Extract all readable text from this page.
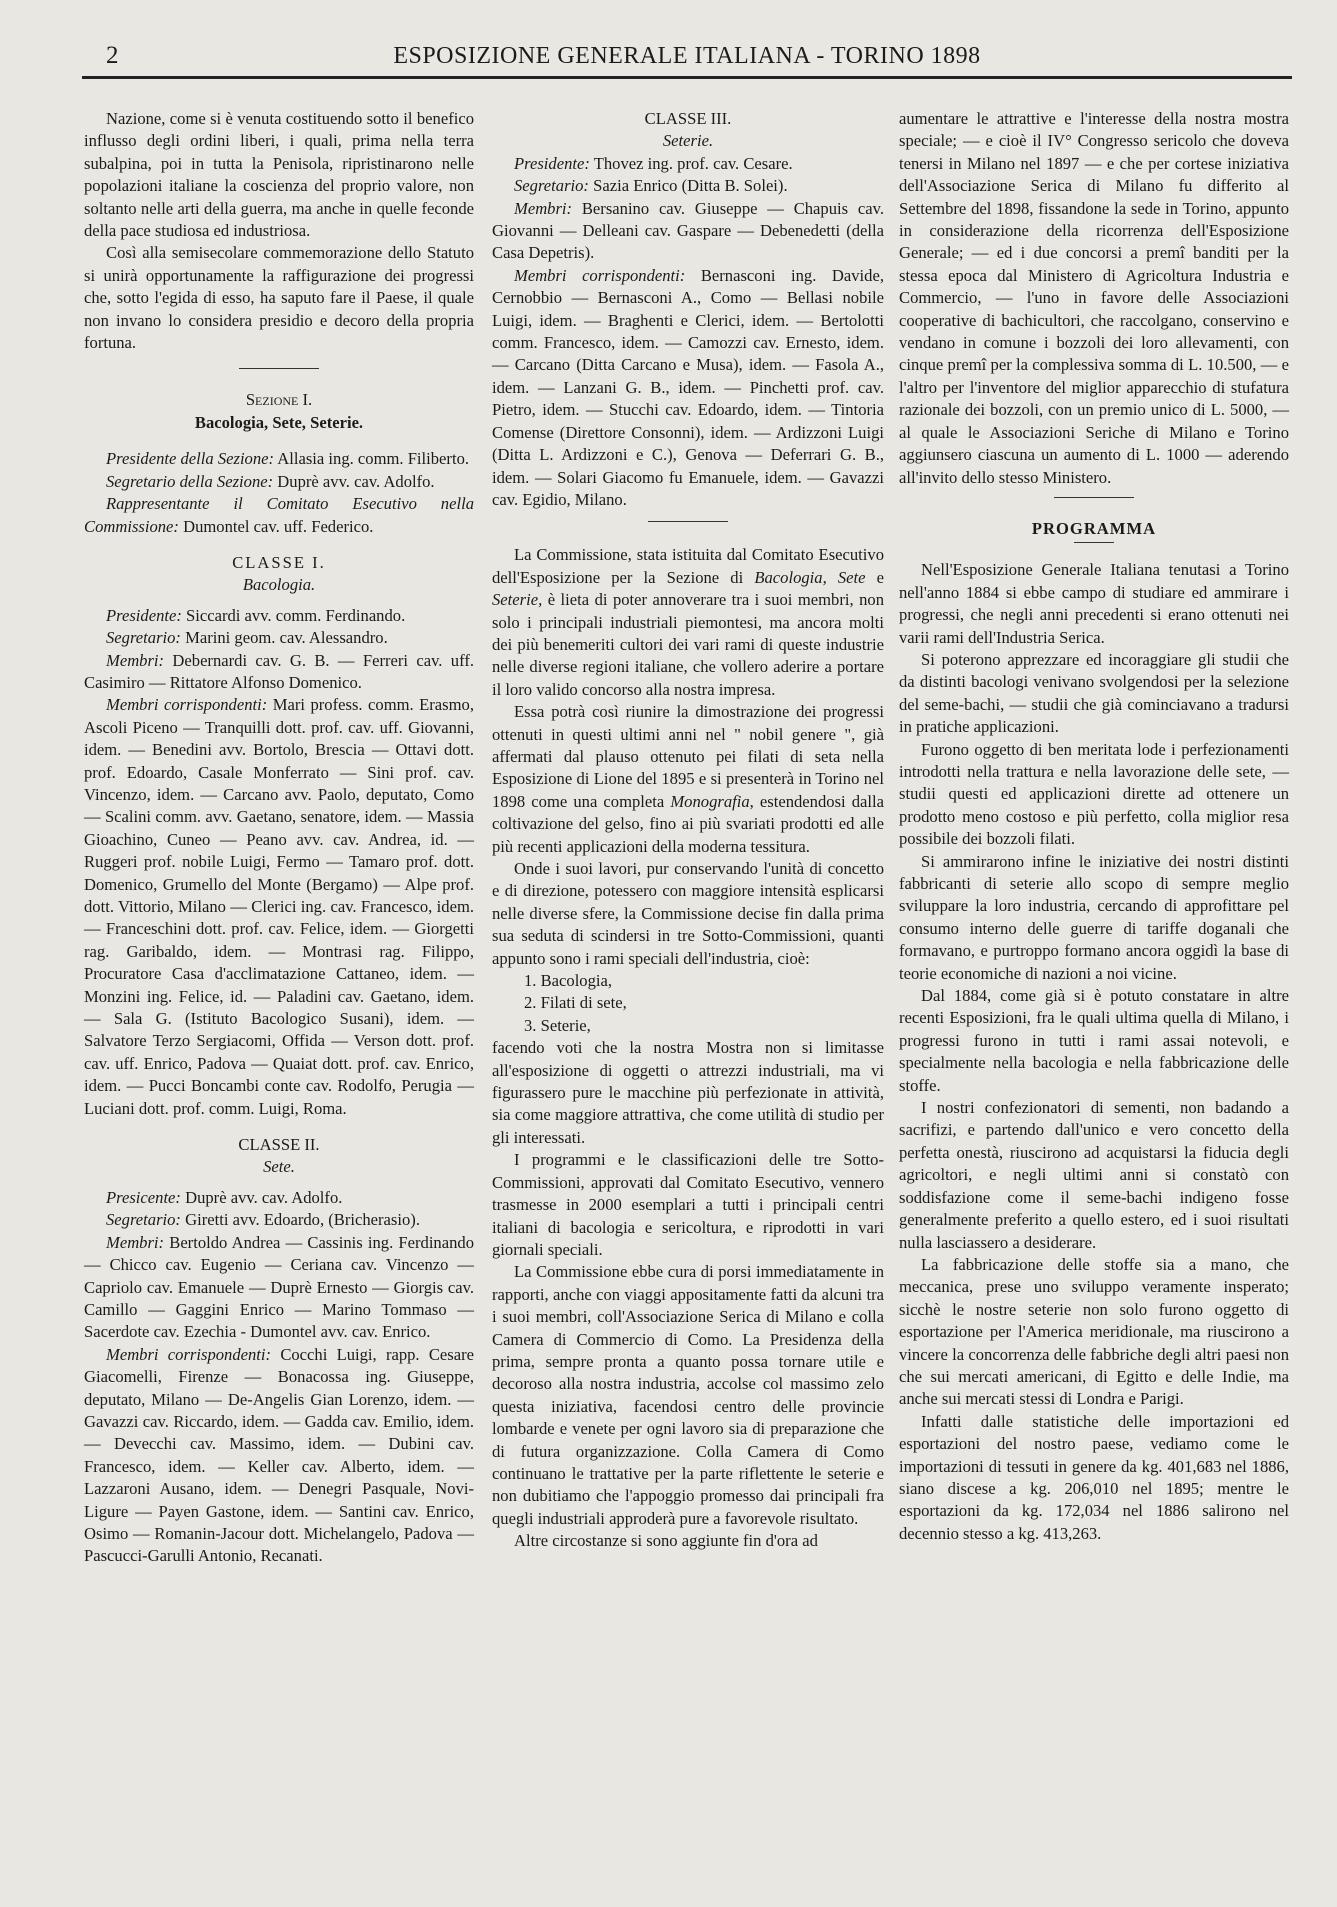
2	ESPOSIZIONE GENERALE ITALIANA - TORINO 1898

Nazione, come si è venuta costituendo sotto il benefico influsso degli ordini liberi, i quali, prima nella terra subalpina, poi in tutta la Penisola, ripristinarono nelle popolazioni italiane la coscienza del proprio valore, non soltanto nelle arti della guerra, ma anche in quelle feconde della pace studiosa ed industriosa.

Così alla semisecolare commemorazione dello Statuto si unirà opportunamente la raffigurazione dei progressi che, sotto l'egida di esso, ha saputo fare il Paese, il quale non invano lo considera presidio e decoro della propria fortuna.

Sezione I.

Bacologia, Sete, Seterie.

Presidente della Sezione: Allasia ing. comm. Filiberto.

Segretario della Sezione: Duprè avv. cav. Adolfo.

Rappresentante il Comitato Esecutivo nella Commissione: Dumontel cav. uff. Federico.

CLASSE I.

Bacologia.

Presidente: Siccardi avv. comm. Ferdinando.

Segretario: Marini geom. cav. Alessandro.

Membri: Debernardi cav. G. B. — Ferreri cav. uff. Casimiro — Rittatore Alfonso Domenico.

Membri corrispondenti: Mari profess. comm. Erasmo, Ascoli Piceno — Tranquilli dott. prof. cav. uff. Giovanni, idem. — Benedini avv. Bortolo, Brescia — Ottavi dott. prof. Edoardo, Casale Monferrato — Sini prof. cav. Vincenzo, idem. — Carcano avv. Paolo, deputato, Como — Scalini comm. avv. Gaetano, senatore, idem. — Massia Gioachino, Cuneo — Peano avv. cav. Andrea, id. — Ruggeri prof. nobile Luigi, Fermo — Tamaro prof. dott. Domenico, Grumello del Monte (Bergamo) — Alpe prof. dott. Vittorio, Milano — Clerici ing. cav. Francesco, idem. — Franceschini dott. prof. cav. Felice, idem. — Giorgetti rag. Garibaldo, idem. — Montrasi rag. Filippo, Procuratore Casa d'acclimatazione Cattaneo, idem. — Monzini ing. Felice, id. — Paladini cav. Gaetano, idem. — Sala G. (Istituto Bacologico Susani), idem. — Salvatore Terzo Sergiacomi, Offida — Verson dott. prof. cav. uff. Enrico, Padova — Quaiat dott. prof. cav. Enrico, idem. — Pucci Boncambi conte cav. Rodolfo, Perugia — Luciani dott. prof. comm. Luigi, Roma.

CLASSE II.

Sete.

Presicente: Duprè avv. cav. Adolfo.

Segretario: Giretti avv. Edoardo, (Bricherasio).

Membri: Bertoldo Andrea — Cassinis ing. Ferdinando — Chicco cav. Eugenio — Ceriana cav. Vincenzo — Capriolo cav. Emanuele — Duprè Ernesto — Giorgis cav. Camillo — Gaggini Enrico — Marino Tommaso — Sacerdote cav. Ezechia - Dumontel avv. cav. Enrico.

Membri corrispondenti: Cocchi Luigi, rapp. Cesare Giacomelli, Firenze — Bonacossa ing. Giuseppe, deputato, Milano — De-Angelis Gian Lorenzo, idem. — Gavazzi cav. Riccardo, idem. — Gadda cav. Emilio, idem. — Devecchi cav. Massimo, idem. — Dubini cav. Francesco, idem. — Keller cav. Alberto, idem. — Lazzaroni Ausano, idem. — Denegri Pasquale, Novi-Ligure — Payen Gastone, idem. — Santini cav. Enrico, Osimo — Romanin-Jacour dott. Michelangelo, Padova — Pascucci-Garulli Antonio, Recanati.

CLASSE III.

Seterie.

Presidente: Thovez ing. prof. cav. Cesare.

Segretario: Sazia Enrico (Ditta B. Solei).

Membri: Bersanino cav. Giuseppe — Chapuis cav. Giovanni — Delleani cav. Gaspare — Debenedetti (della Casa Depetris).

Membri corrispondenti: Bernasconi ing. Davide, Cernobbio — Bernasconi A., Como — Bellasi nobile Luigi, idem. — Braghenti e Clerici, idem. — Bertolotti comm. Francesco, idem. — Camozzi cav. Ernesto, idem. — Carcano (Ditta Carcano e Musa), idem. — Fasola A., idem. — Lanzani G. B., idem. — Pinchetti prof. cav. Pietro, idem. — Stucchi cav. Edoardo, idem. — Tintoria Comense (Direttore Consonni), idem. — Ardizzoni Luigi (Ditta L. Ardizzoni e C.), Genova — Deferrari G. B., idem. — Solari Giacomo fu Emanuele, idem. — Gavazzi cav. Egidio, Milano.

La Commissione, stata istituita dal Comitato Esecutivo dell'Esposizione per la Sezione di Bacologia, Sete e Seterie, è lieta di poter annoverare tra i suoi membri, non solo i principali industriali piemontesi, ma ancora molti dei più benemeriti cultori dei vari rami di queste industrie nelle diverse regioni italiane, che vollero aderire a portare il loro valido concorso alla nostra impresa.

Essa potrà così riunire la dimostrazione dei progressi ottenuti in questi ultimi anni nel " nobil genere ", già affermati dal plauso ottenuto pei filati di seta nella Esposizione di Lione del 1895 e si presenterà in Torino nel 1898 come una completa Monografia, estendendosi dalla coltivazione del gelso, fino ai più svariati prodotti ed alle più recenti applicazioni della moderna tessitura.

Onde i suoi lavori, pur conservando l'unità di concetto e di direzione, potessero con maggiore intensità esplicarsi nelle diverse sfere, la Commissione decise fin dalla prima sua seduta di scindersi in tre Sotto-Commissioni, quanti appunto sono i rami speciali dell'industria, cioè:

1. Bacologia,
2. Filati di sete,
3. Seterie,

facendo voti che la nostra Mostra non si limitasse all'esposizione di oggetti o attrezzi industriali, ma vi figurassero pure le macchine più perfezionate in attività, sia come maggiore attrattiva, che come utilità di studio per gli interessati.

I programmi e le classificazioni delle tre Sotto-Commissioni, approvati dal Comitato Esecutivo, vennero trasmesse in 2000 esemplari a tutti i principali centri italiani di bacologia e sericoltura, e riprodotti in vari giornali speciali.

La Commissione ebbe cura di porsi immediatamente in rapporti, anche con viaggi appositamente fatti da alcuni tra i suoi membri, coll'Associazione Serica di Milano e colla Camera di Commercio di Como. La Presidenza della prima, sempre pronta a quanto possa tornare utile e decoroso alla nostra industria, accolse col massimo zelo questa iniziativa, facendosi centro delle provincie lombarde e venete per ogni lavoro sia di preparazione che di futura organizzazione. Colla Camera di Como continuano le trattative per la parte riflettente le seterie e non dubitiamo che l'appoggio promesso dai principali fra quegli industriali approderà pure a favorevole risultato.

Altre circostanze si sono aggiunte fin d'ora ad

aumentare le attrattive e l'interesse della nostra mostra speciale; — e cioè il IV° Congresso sericolo che doveva tenersi in Milano nel 1897 — e che per cortese iniziativa dell'Associazione Serica di Milano fu differito al Settembre del 1898, fissandone la sede in Torino, appunto in considerazione della ricorrenza dell'Esposizione Generale; — ed i due concorsi a premî banditi per la stessa epoca dal Ministero di Agricoltura Industria e Commercio, — l'uno in favore delle Associazioni cooperative di bachicultori, che raccolgano, conservino e vendano in comune i bozzoli dei loro allevamenti, con cinque premî per la complessiva somma di L. 10.500, — e l'altro per l'inventore del miglior apparecchio di stufatura razionale dei bozzoli, con un premio unico di L. 5000, — al quale le Associazioni Seriche di Milano e Torino aggiunsero ciascuna un aumento di L. 1000 — aderendo all'invito dello stesso Ministero.

PROGRAMMA

Nell'Esposizione Generale Italiana tenutasi a Torino nell'anno 1884 si ebbe campo di studiare ed ammirare i progressi, che negli anni precedenti si erano ottenuti nei varii rami dell'Industria Serica.

Si poterono apprezzare ed incoraggiare gli studii che da distinti bacologi venivano svolgendosi per la selezione del seme-bachi, — studii che già cominciavano a tradursi in pratiche applicazioni.

Furono oggetto di ben meritata lode i perfezionamenti introdotti nella trattura e nella lavorazione delle sete, — studii questi ed applicazioni dirette ad ottenere un prodotto meno costoso e più perfetto, colla miglior resa possibile dei bozzoli filati.

Si ammirarono infine le iniziative dei nostri distinti fabbricanti di seterie allo scopo di sempre meglio sviluppare la loro industria, cercando di approfittare pel consumo interno delle guerre di tariffe doganali che formavano, e purtroppo formano ancora oggidì la base di teorie economiche di nazioni a noi vicine.

Dal 1884, come già si è potuto constatare in altre recenti Esposizioni, fra le quali ultima quella di Milano, i progressi furono in tutti i rami assai notevoli, e specialmente nella bacologia e nella fabbricazione delle stoffe.

I nostri confezionatori di sementi, non badando a sacrifizi, e partendo dall'unico e vero concetto della perfetta onestà, riuscirono ad acquistarsi la fiducia degli agricoltori, e negli ultimi anni si constatò con soddisfazione come il seme-bachi indigeno fosse generalmente preferito a quello estero, ed i suoi risultati nulla lasciassero a desiderare.

La fabbricazione delle stoffe sia a mano, che meccanica, prese uno sviluppo veramente insperato; sicchè le nostre seterie non solo furono oggetto di esportazione per l'America meridionale, ma riuscirono a vincere la concorrenza delle fabbriche degli altri paesi non che sui mercati americani, di Egitto e delle Indie, ma anche sui mercati stessi di Londra e Parigi.

Infatti dalle statistiche delle importazioni ed esportazioni del nostro paese, vediamo come le importazioni di tessuti in genere da kg. 401,683 nel 1886, siano discese a kg. 206,010 nel 1895; mentre le esportazioni da kg. 172,034 nel 1886 salirono nel decennio stesso a kg. 413,263.
